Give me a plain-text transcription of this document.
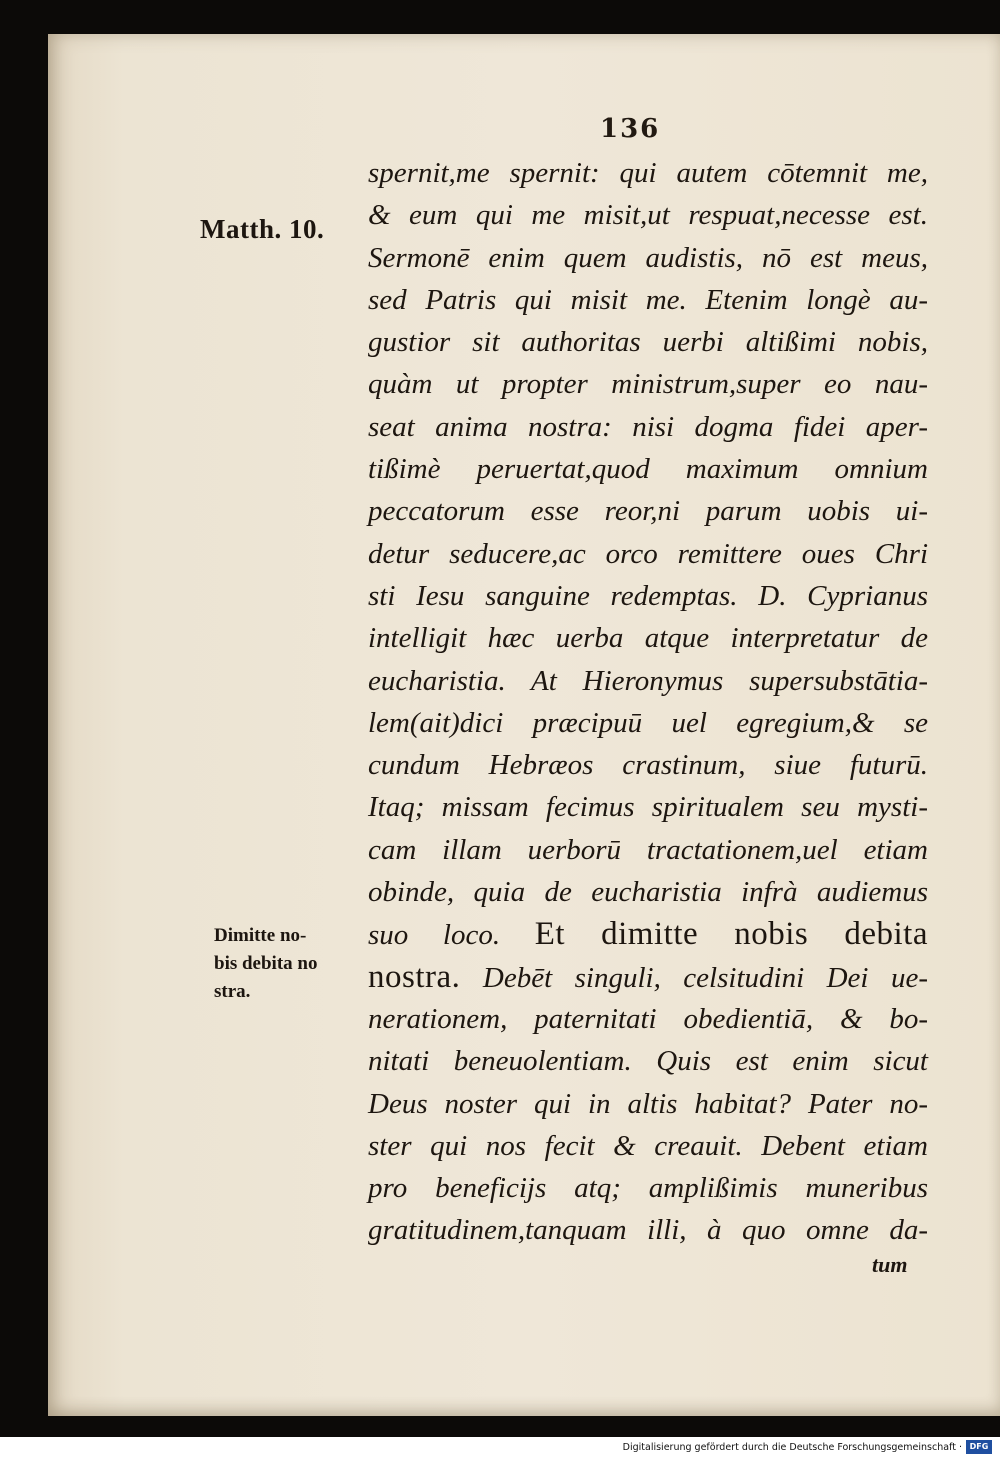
136
Matth. 10.
Dimitte no-
bis debita no
stra.
spernit,me spernit: qui autem cōtemnit me,
& eum qui me misit,ut respuat,necesse est.
Sermonē enim quem audistis, nō est meus,
sed Patris qui misit me. Etenim longè au-
gustior sit authoritas uerbi altißimi nobis,
quàm ut propter ministrum,super eo nau-
seat anima nostra: nisi dogma fidei aper-
tißimè peruertat,quod maximum omnium
peccatorum esse reor,ni parum uobis ui-
detur seducere,ac orco remittere oues Chri
sti Iesu sanguine redemptas. D. Cyprianus
intelligit hæc uerba atque interpretatur de
eucharistia. At Hieronymus supersubstātia-
lem(ait)dici præcipuū uel egregium,& se
cundum Hebræos crastinum, siue futurū.
Itaq; missam fecimus spiritualem seu mysti-
cam illam uerborū tractationem,uel etiam
obinde, quia de eucharistia infrà audiemus
suo loco. Et dimitte nobis debita
nostra. Debēt singuli, celsitudini Dei ue-
nerationem, paternitati obedientiā, & bo-
nitati beneuolentiam. Quis est enim sicut
Deus noster qui in altis habitat? Pater no-
ster qui nos fecit & creauit. Debent etiam
pro beneficijs atq; amplißimis muneribus
gratitudinem,tanquam illi, à quo omne da-
tum
Digitalisierung gefördert durch die Deutsche Forschungsgemeinschaft · DFG
